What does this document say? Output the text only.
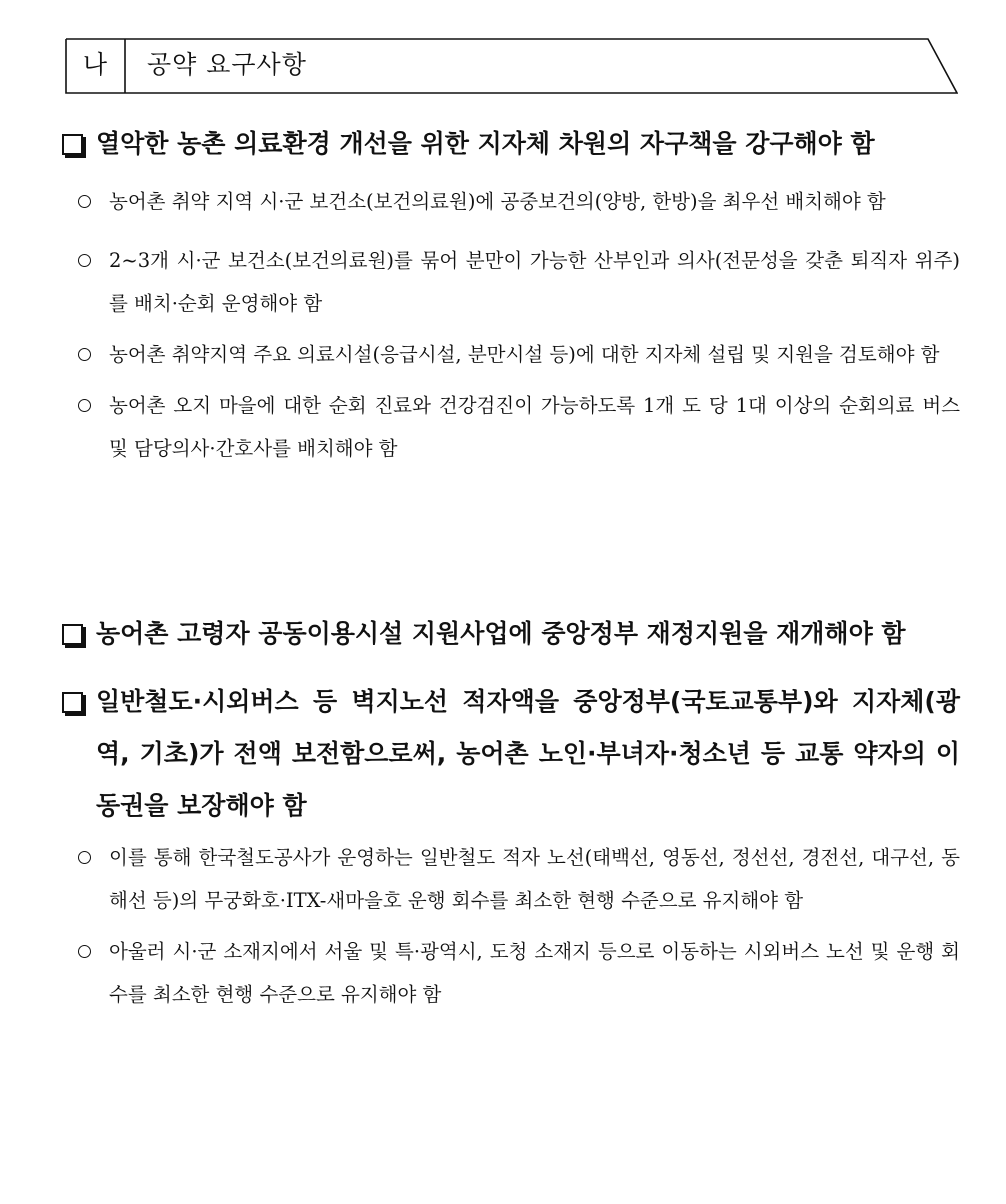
나	공약 요구사항
열악한 농촌 의료환경 개선을 위한 지자체 차원의 자구책을 강구해야 함
농어촌 취약 지역 시·군 보건소(보건의료원)에 공중보건의(양방, 한방)을 최우선 배치해야 함
2~3개 시·군 보건소(보건의료원)를 묶어 분만이 가능한 산부인과 의사(전문성을 갖춘 퇴직자 위주)를 배치·순회 운영해야 함
농어촌 취약지역 주요 의료시설(응급시설, 분만시설 등)에 대한 지자체 설립 및 지원을 검토해야 함
농어촌 오지 마을에 대한 순회 진료와 건강검진이 가능하도록 1개 도 당 1대 이상의 순회의료 버스 및 담당의사·간호사를 배치해야 함
농어촌 고령자 공동이용시설 지원사업에 중앙정부 재정지원을 재개해야 함
일반철도·시외버스 등 벽지노선 적자액을 중앙정부(국토교통부)와 지자체(광역, 기초)가 전액 보전함으로써, 농어촌 노인·부녀자·청소년 등 교통 약자의 이동권을 보장해야 함
이를 통해 한국철도공사가 운영하는 일반철도 적자 노선(태백선, 영동선, 정선선, 경전선, 대구선, 동해선 등)의 무궁화호·ITX-새마을호 운행 회수를 최소한 현행 수준으로 유지해야 함
아울러 시·군 소재지에서 서울 및 특·광역시, 도청 소재지 등으로 이동하는 시외버스 노선 및 운행 회수를 최소한 현행 수준으로 유지해야 함
